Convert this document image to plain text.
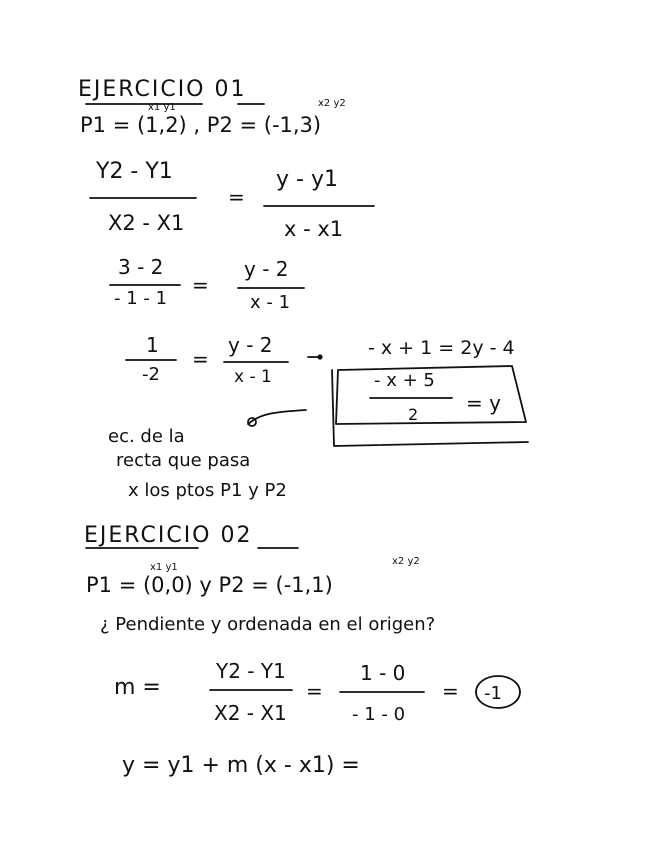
EJERCICIO 01
x1 y1	x2 y2
P1 = (1,2) , P2 = (-1,3)
Y2 - Y1
X2 - X1
=
y - y1
x - x1
3 - 2
- 1 - 1
=
y - 2
x - 1
1
-2
=
y - 2
x - 1
- x + 1 = 2y - 4
- x + 5
2 = y
ec. de la
recta que pasa
x los ptos P1 y P2
EJERCICIO 02
x1 y1
x2 y2
P1 = (0,0) y P2 = (-1,1)
¿ Pendiente y ordenada en el origen?
m =
Y2 - Y1
X2 - X1
=
1 - 0
- 1 - 0
= -1
y = y1 + m (x - x1) =
